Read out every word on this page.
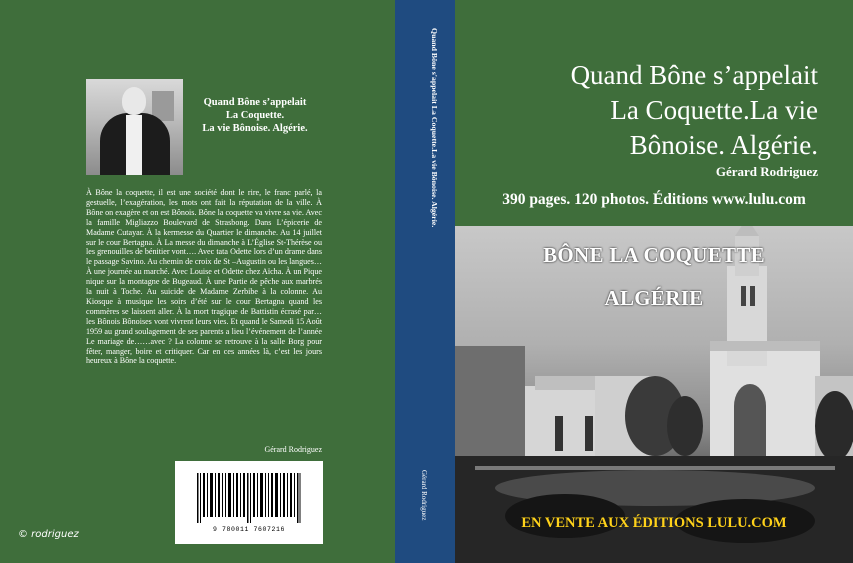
Quand Bône s’appelait
La Coquette.
La vie Bônoise. Algérie.
À Bône la coquette, il est une société dont le rire, le franc parlé, la gestuelle, l’exagération, les mots ont fait la réputation de la ville. À Bône on exagère et on est Bônois. Bône la coquette va vivre sa vie. Avec la famille Migliazzo Boulevard de Strasbong. Dans L’épicerie de Madame Cutayar. À la kermesse du Quartier le dimanche. Au 14 juillet sur le cour Bertagna. À La messe du dimanche à L’Église St-Thérèse ou les grenouilles de bénitier vont…. Avec tata Odette lors d’un drame dans le passage Savino. Au chemin de croix de St –Augustin ou les langues…À une journée au marché. Avec Louise et Odette chez Aïcha. À un Pique nique sur la montagne de Bugeaud. À une Partie de pêche aux marbrés la nuit à Toche. Au suicide de Madame Zerbibe à la colonne. Au Kiosque à musique les soirs d’été sur le cour Bertagna quand les commères se laissent aller. À la mort tragique de Battistin écrasé par… les Bônois Bônoises vont vivrent leurs vies. Et quand le Samedi 15 Août 1959 au grand soulagement de ses parents a lieu l’événement de l’année Le mariage de……avec ? La colonne se retrouve à la salle Borg pour fêter, manger, boire et critiquer. Car en ces années là, c’est les jours heureux à Bône la coquette.
Gérard Rodriguez
9 780011 7607216
© rodriguez
Quand Bône s'appelait La Coquette.La vie Bônoise. Algérie.
Gérard Rodriguez
Quand Bône s’appelait
La Coquette.La vie
Bônoise. Algérie.
Gérard Rodriguez
390 pages. 120 photos. Éditions www.lulu.com
BÔNE LA COQUETTE
ALGÉRIE
EN VENTE AUX ÉDITIONS LULU.COM
